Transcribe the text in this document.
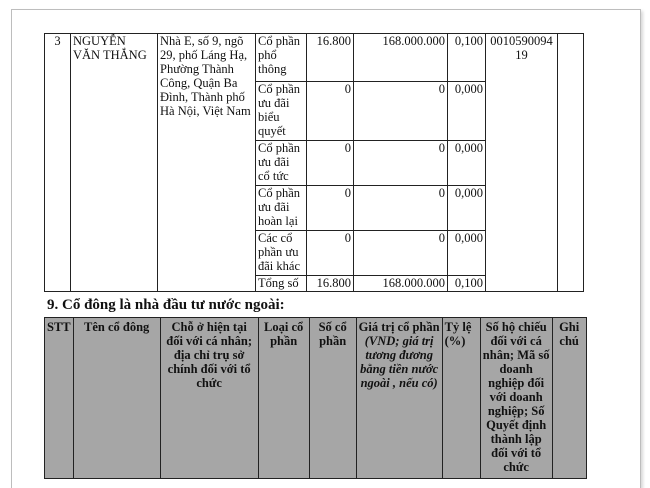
3	NGUYỄN VĂN THẮNG	Nhà E, số 9, ngõ 29, phố Láng Hạ, Phường Thành Công, Quận Ba Đình, Thành phố Hà Nội, Việt Nam	Cổ phần phổ thông	16.800	168.000.000	0,100	001059009419	
			Cổ phần ưu đãi biểu quyết	0	0	0,000		
			Cổ phần ưu đãi cổ tức	0	0	0,000		
			Cổ phần ưu đãi hoàn lại	0	0	0,000		
			Các cổ phần ưu đãi khác	0	0	0,000		
			Tổng số	16.800	168.000.000	0,100		
9. Cổ đông là nhà đầu tư nước ngoài:
STT	Tên cổ đông	Chỗ ở hiện tại đối với cá nhân; địa chỉ trụ sở chính đối với tổ chức	Loại cổ phần	Số cổ phần	Giá trị cổ phần (VND; giá trị tương đương bằng tiền nước ngoài , nếu có)	Tỷ lệ (%)	Số hộ chiếu đối với cá nhân; Mã số doanh nghiệp đối với doanh nghiệp; Số Quyết định thành lập đối với tổ chức	Ghi chú
